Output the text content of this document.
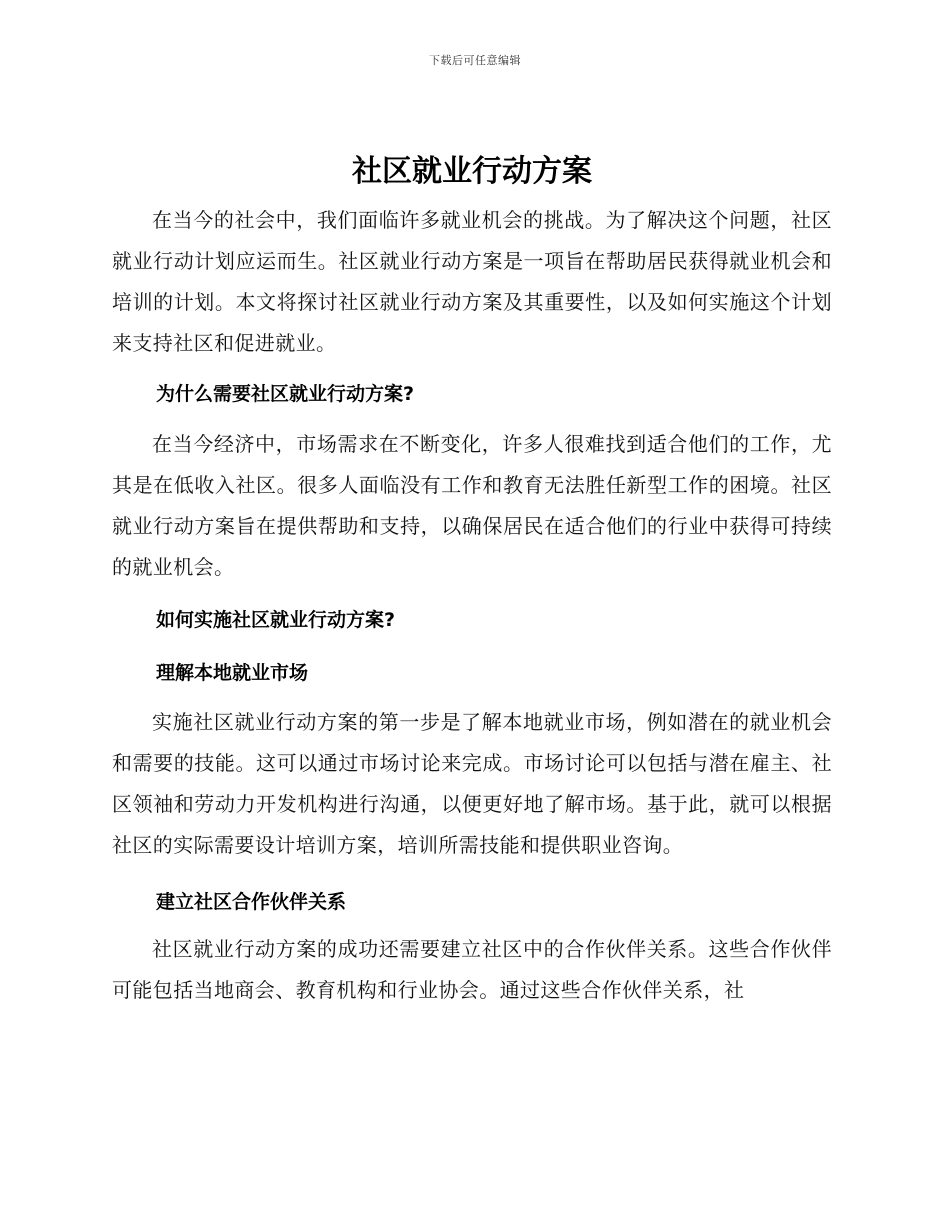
下载后可任意编辑
社区就业行动方案

在当今的社会中，我们面临许多就业机会的挑战。为了解决这个问题，社区就业行动计划应运而生。社区就业行动方案是一项旨在帮助居民获得就业机会和培训的计划。本文将探讨社区就业行动方案及其重要性，以及如何实施这个计划来支持社区和促进就业。

为什么需要社区就业行动方案?

在当今经济中，市场需求在不断变化，许多人很难找到适合他们的工作，尤其是在低收入社区。很多人面临没有工作和教育无法胜任新型工作的困境。社区就业行动方案旨在提供帮助和支持，以确保居民在适合他们的行业中获得可持续的就业机会。

如何实施社区就业行动方案?
理解本地就业市场

实施社区就业行动方案的第一步是了解本地就业市场，例如潜在的就业机会和需要的技能。这可以通过市场讨论来完成。市场讨论可以包括与潜在雇主、社区领袖和劳动力开发机构进行沟通，以便更好地了解市场。基于此，就可以根据社区的实际需要设计培训方案，培训所需技能和提供职业咨询。

建立社区合作伙伴关系

社区就业行动方案的成功还需要建立社区中的合作伙伴关系。这些合作伙伴可能包括当地商会、教育机构和行业协会。通过这些合作伙伴关系，社
